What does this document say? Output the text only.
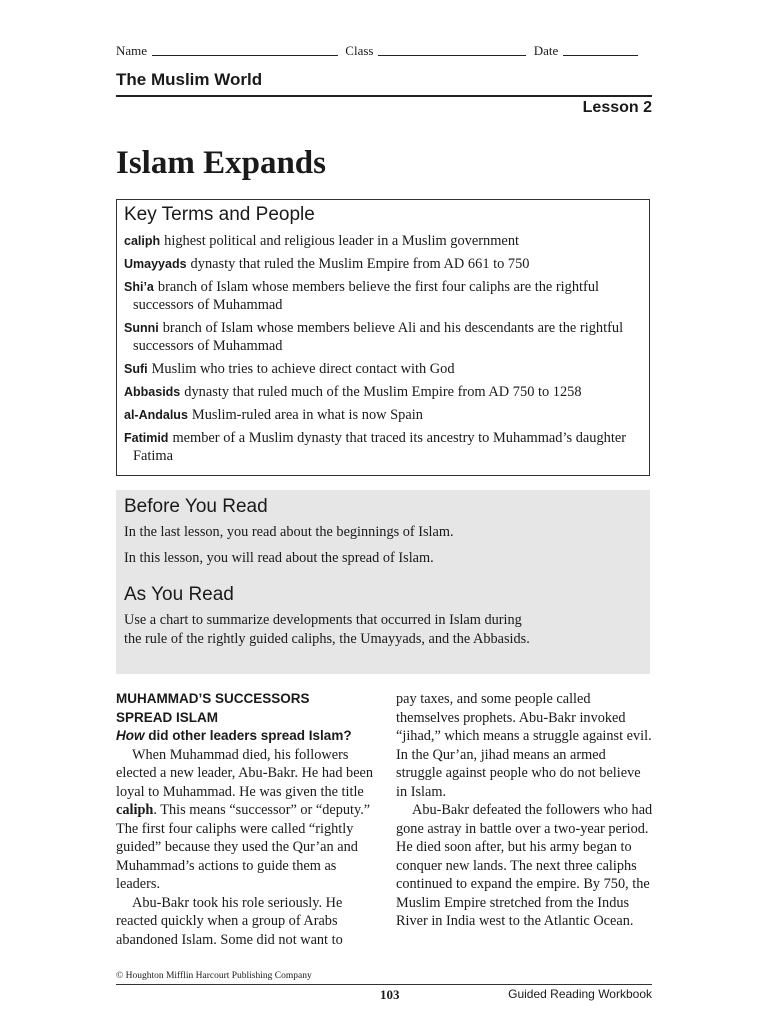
Name	Class	Date
The Muslim World
Lesson 2
Islam Expands
Key Terms and People
caliph highest political and religious leader in a Muslim government
Umayyads dynasty that ruled the Muslim Empire from AD 661 to 750
Shi’a branch of Islam whose members believe the first four caliphs are the rightful successors of Muhammad
Sunni branch of Islam whose members believe Ali and his descendants are the rightful successors of Muhammad
Sufi Muslim who tries to achieve direct contact with God
Abbasids dynasty that ruled much of the Muslim Empire from AD 750 to 1258
al-Andalus Muslim-ruled area in what is now Spain
Fatimid member of a Muslim dynasty that traced its ancestry to Muhammad’s daughter Fatima
Before You Read

In the last lesson, you read about the beginnings of Islam.

In this lesson, you will read about the spread of Islam.

As You Read

Use a chart to summarize developments that occurred in Islam during the rule of the rightly guided caliphs, the Umayyads, and the Abbasids.

MUHAMMAD’S SUCCESSORS
SPREAD ISLAM
How did other leaders spread Islam?

When Muhammad died, his followers elected a new leader, Abu-Bakr. He had been loyal to Muhammad. He was given the title caliph. This means “successor” or “deputy.” The first four caliphs were called “rightly guided” because they used the Qur’an and Muhammad’s actions to guide them as leaders.

Abu-Bakr took his role seriously. He reacted quickly when a group of Arabs abandoned Islam. Some did not want to

pay taxes, and some people called themselves prophets. Abu-Bakr invoked “jihad,” which means a struggle against evil. In the Qur’an, jihad means an armed struggle against people who do not believe in Islam.

Abu-Bakr defeated the followers who had gone astray in battle over a two-year period. He died soon after, but his army began to conquer new lands. The next three caliphs continued to expand the empire. By 750, the Muslim Empire stretched from the Indus River in India west to the Atlantic Ocean.

© Houghton Mifflin Harcourt Publishing Company
103	Guided Reading Workbook
